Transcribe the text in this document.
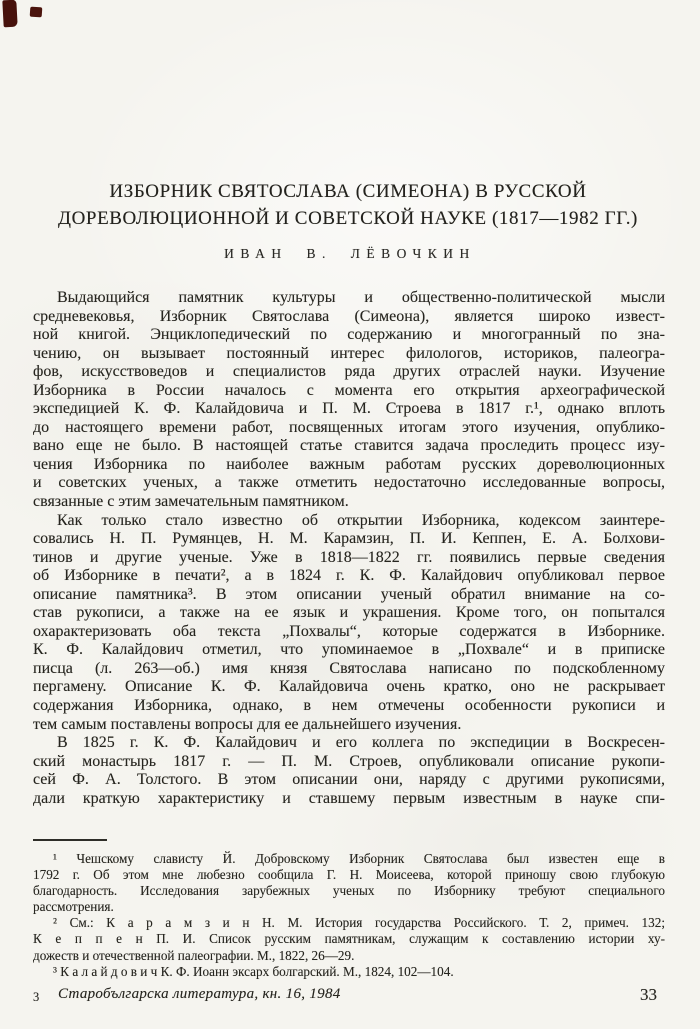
ИЗБОРНИК СВЯТОСЛАВА (СИМЕОНА) В РУССКОЙ
ДОРЕВОЛЮЦИОННОЙ И СОВЕТСКОЙ НАУКЕ (1817—1982 ГГ.)
ИВАН В. ЛЁВОЧКИН
Выдающийся памятник культуры и общественно-политической мысли
средневековья, Изборник Святослава (Симеона), является широко извест-
ной книгой. Энциклопедический по содержанию и многогранный по зна-
чению, он вызывает постоянный интерес филологов, историков, палеогра-
фов, искусствоведов и специалистов ряда других отраслей науки. Изучение
Изборника в России началось с момента его открытия археографической
экспедицией К. Ф. Калайдовича и П. М. Строева в 1817 г.¹, однако вплоть
до настоящего времени работ, посвященных итогам этого изучения, опублико-
вано еще не было. В настоящей статье ставится задача проследить процесс изу-
чения Изборника по наиболее важным работам русских дореволюционных
и советских ученых, а также отметить недостаточно исследованные вопросы,
связанные с этим замечательным памятником.
Как только стало известно об открытии Изборника, кодексом заинтере-
совались Н. П. Румянцев, Н. М. Карамзин, П. И. Кеппен, Е. А. Болхови-
тинов и другие ученые. Уже в 1818—1822 гг. появились первые сведения
об Изборнике в печати², а в 1824 г. К. Ф. Калайдович опубликовал первое
описание памятника³. В этом описании ученый обратил внимание на со-
став рукописи, а также на ее язык и украшения. Кроме того, он попытался
охарактеризовать оба текста „Похвалы“, которые содержатся в Изборнике.
К. Ф. Калайдович отметил, что упоминаемое в „Похвале“ и в приписке
писца (л. 263—об.) имя князя Святослава написано по подскобленному
пергамену. Описание К. Ф. Калайдовича очень кратко, оно не раскрывает
содержания Изборника, однако, в нем отмечены особенности рукописи и
тем самым поставлены вопросы для ее дальнейшего изучения.
В 1825 г. К. Ф. Калайдович и его коллега по экспедиции в Воскресен-
ский монастырь 1817 г. — П. М. Строев, опубликовали описание рукопи-
сей Ф. А. Толстого. В этом описании они, наряду с другими рукописями,
дали краткую характеристику и ставшему первым известным в науке спи-
¹ Чешскому слависту Й. Добровскому Изборник Святослава был известен еще в
1792 г. Об этом мне любезно сообщила Г. Н. Моисеева, которой приношу свою глубокую
благодарность. Исследования зарубежных ученых по Изборнику требуют специального
рассмотрения.
² См.: К а р а м з и н Н. М. История государства Российского. Т. 2, примеч. 132;
К е п п е н П. И. Список русским памятникам, служащим к составлению истории ху-
дожеств и отечественной палеографии. М., 1822, 26—29.
³ К а л а й д о в и ч К. Ф. Иоанн эксарх болгарский. М., 1824, 102—104.
3 Старобългарска литература, кн. 16, 1984	33
